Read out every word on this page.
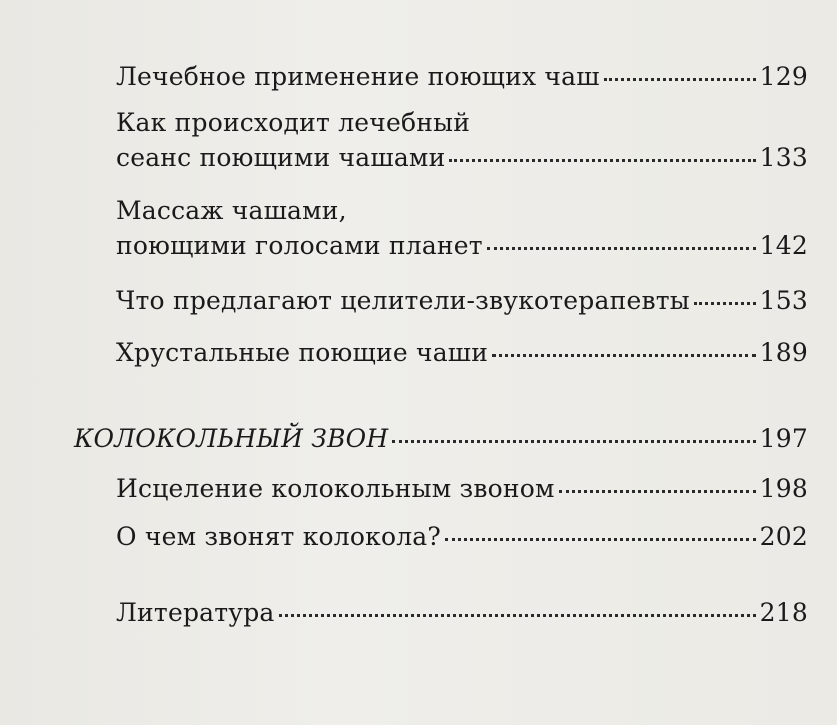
Лечебное применение поющих чаш	129
Как происходит лечебный
сеанс поющими чашами	133
Массаж чашами,
поющими голосами планет	142
Что предлагают целители-звукотерапевты	153
Хрустальные поющие чаши	189
КОЛОКОЛЬНЫЙ ЗВОН	197
Исцеление колокольным звоном	198
О чем звонят колокола?	202
Литература	218
